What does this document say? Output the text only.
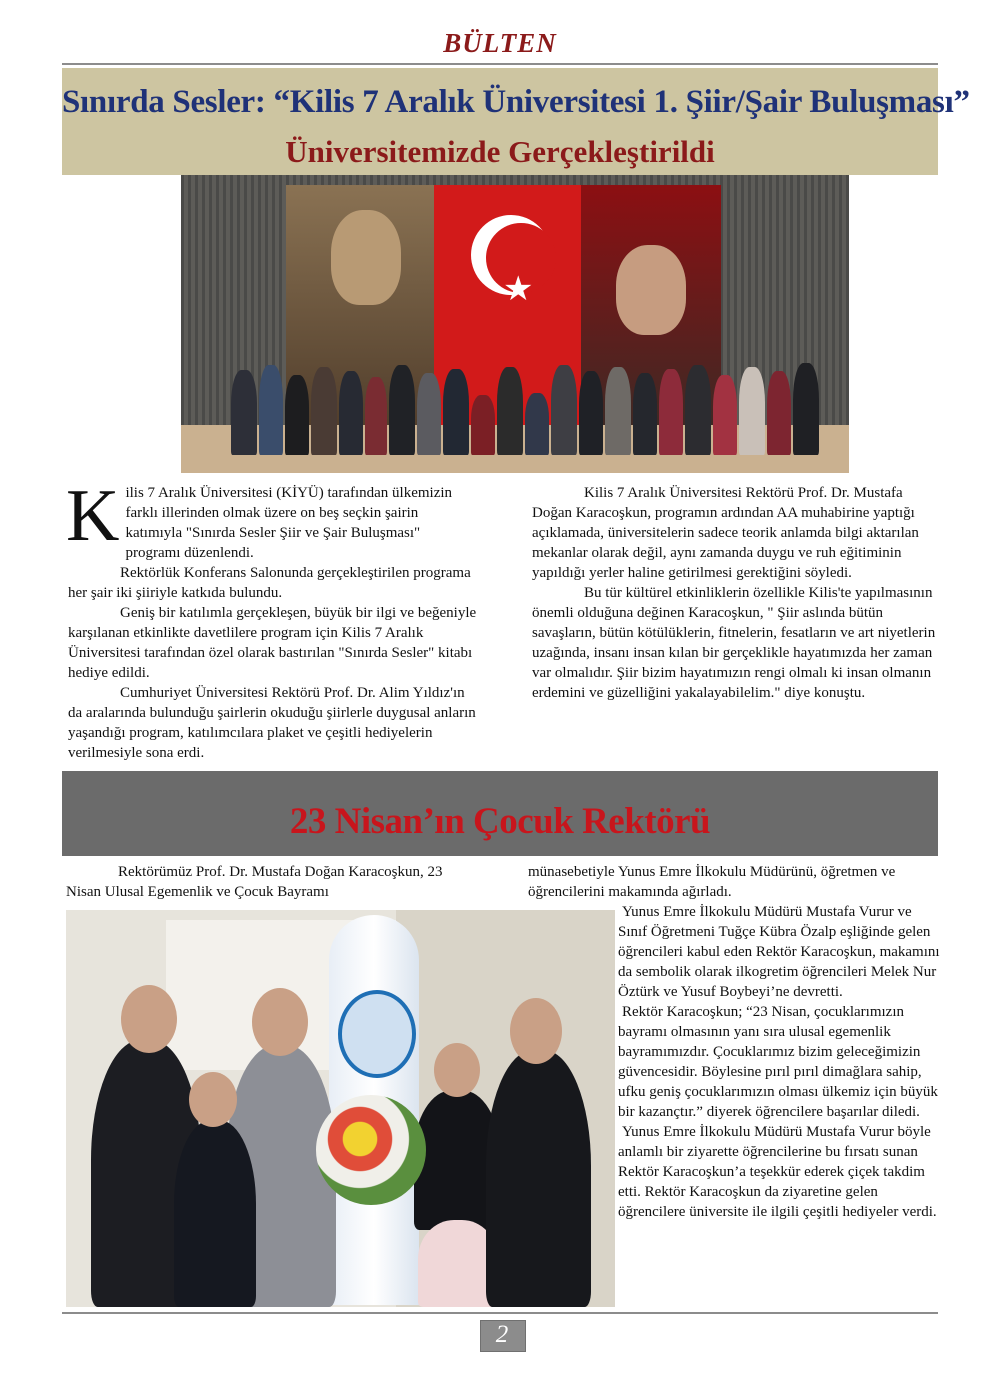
BÜLTEN
Sınırda Sesler: “Kilis 7 Aralık Üniversitesi 1. Şiir/Şair Buluşması”
Üniversitemizde Gerçekleştirildi
★

Kilis 7 Aralık Üniversitesi (KİYÜ) tarafından ülkemizin farklı illerinden olmak üzere on beş seçkin şairin katımıyla "Sınırda Sesler Şiir ve Şair Buluşması" programı düzenlendi.

Rektörlük Konferans Salonunda gerçekleştirilen programa her şair iki şiiriyle katkıda bulundu.

Geniş bir katılımla gerçekleşen, büyük bir ilgi ve beğeniyle karşılanan etkinlikte davetlilere program için Kilis 7 Aralık Üniversitesi tarafından özel olarak bastırılan "Sınırda Sesler" kitabı hediye edildi.

Cumhuriyet Üniversitesi Rektörü Prof. Dr. Alim Yıldız'ın da aralarında bulunduğu şairlerin okuduğu şiirlerle duygusal anların yaşandığı program, katılımcılara plaket ve çeşitli hediyelerin verilmesiyle sona erdi.

Kilis 7 Aralık Üniversitesi Rektörü Prof. Dr. Mustafa Doğan Karacoşkun, programın ardından AA muhabirine yaptığı açıklamada, üniversitelerin sadece teorik anlamda bilgi aktarılan mekanlar olarak değil, aynı zamanda duygu ve ruh eğitiminin yapıldığı yerler haline getirilmesi gerektiğini söyledi.

Bu tür kültürel etkinliklerin özellikle Kilis'te yapılmasının önemli olduğuna değinen Karacoşkun, " Şiir aslında bütün savaşların, bütün kötülüklerin, fitnelerin, fesatların ve art niyetlerin uzağında, insanı insan kılan bir gerçeklikle hayatımızda her zaman var olmalıdır. Şiir bizim hayatımızın rengi olmalı ki insan olmanın erdemini ve güzelliğini yakalayabilelim." diye konuştu.

23 Nisan’ın Çocuk Rektörü

Rektörümüz Prof. Dr. Mustafa Doğan Karacoşkun, 23 Nisan Ulusal Egemenlik ve Çocuk Bayramı

münasebetiyle Yunus Emre İlkokulu Müdürünü, öğretmen ve öğrencilerini makamında ağırladı.

Yunus Emre İlkokulu Müdürü Mustafa Vurur ve Sınıf Öğretmeni Tuğçe Kübra Özalp eşliğinde gelen öğrencileri kabul eden Rektör Karacoşkun, makamını da sembolik olarak ilkogretim öğrencileri Melek Nur Öztürk ve Yusuf Boybeyi’ne devretti.

Rektör Karacoşkun; “23 Nisan, çocuklarımızın bayramı olmasının yanı sıra ulusal egemenlik bayramımızdır. Çocuklarımız bizim geleceğimizin güvencesidir. Böylesine pırıl pırıl dimağlara sahip, ufku geniş çocuklarımızın olması ülkemiz için büyük bir kazançtır.” diyerek öğrencilere başarılar diledi.

Yunus Emre İlkokulu Müdürü Mustafa Vurur böyle anlamlı bir ziyarette öğrencilerine bu fırsatı sunan Rektör Karacoşkun’a teşekkür ederek çiçek takdim etti. Rektör Karacoşkun da ziyaretine gelen öğrencilere üniversite ile ilgili çeşitli hediyeler verdi.

2
